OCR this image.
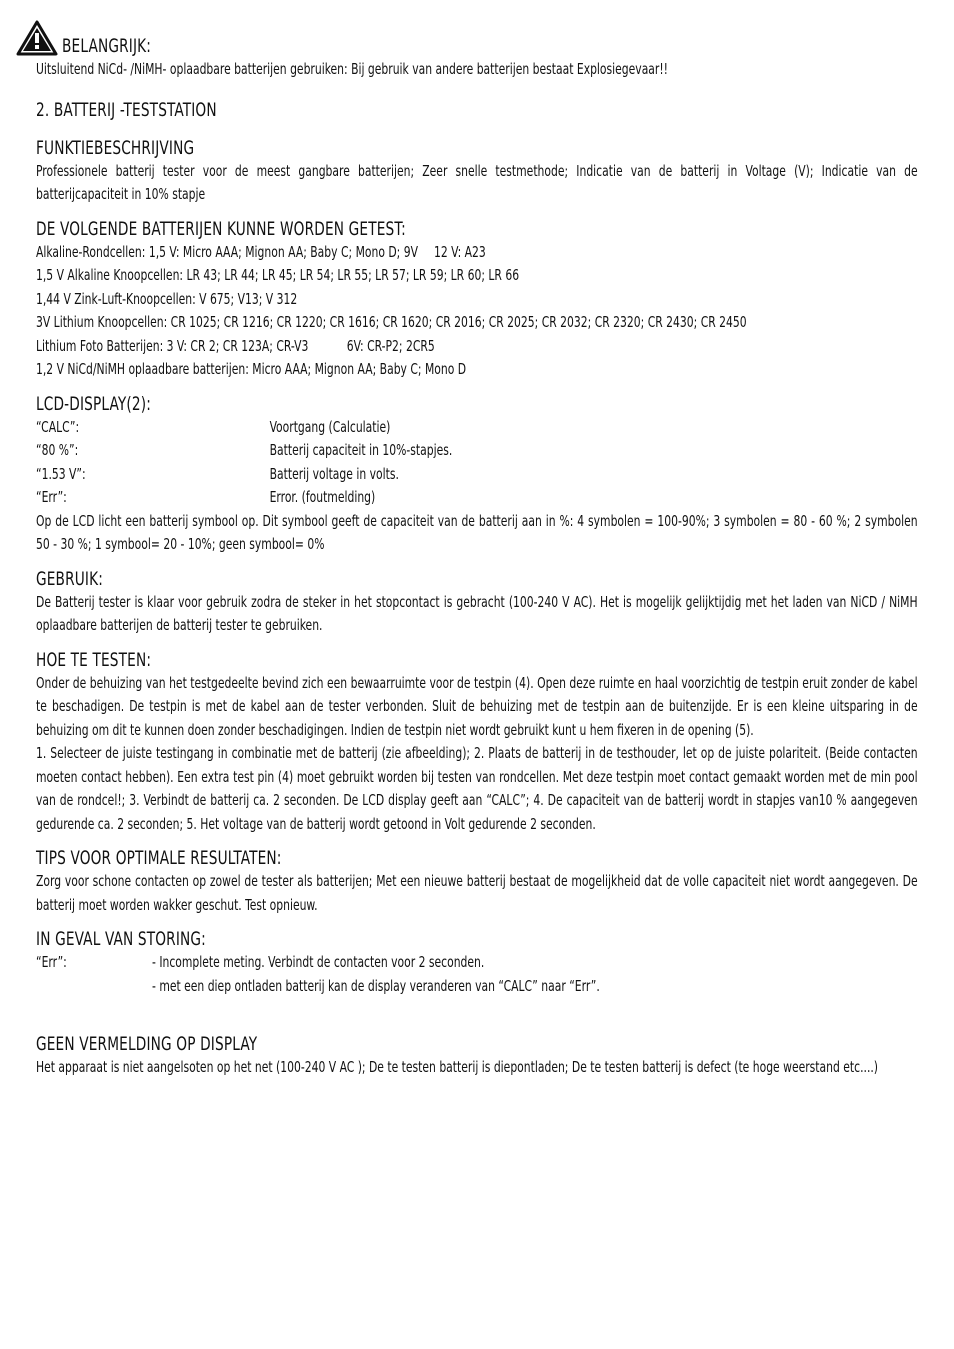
BELANGRIJK:
Uitsluitend NiCd- /NiMH- oplaadbare batterijen gebruiken: Bij gebruik van andere batterijen bestaat Explosiegevaar!!
2. BATTERIJ -TESTSTATION
FUNKTIEBESCHRIJVING
Professionele batterij tester voor de meest gangbare batterijen; Zeer snelle testmethode; Indicatie van de batterij in Voltage (V); Indicatie van de batterijcapaciteit in 10% stapje
DE VOLGENDE BATTERIJEN KUNNE WORDEN GETEST:
Alkaline-Rondcellen: 1,5 V: Micro AAA; Mignon AA; Baby C; Mono D; 9V 12 V: A23
1,5 V Alkaline Knoopcellen: LR 43; LR 44; LR 45; LR 54; LR 55; LR 57; LR 59; LR 60; LR 66
1,44 V Zink-Luft-Knoopcellen: V 675; V13; V 312
3V Lithium Knoopcellen: CR 1025; CR 1216; CR 1220; CR 1616; CR 1620; CR 2016; CR 2025; CR 2032; CR 2320; CR 2430; CR 2450
Lithium Foto Batterijen: 3 V: CR 2; CR 123A; CR-V3	6V: CR-P2; 2CR5
1,2 V NiCd/NiMH oplaadbare batterijen: Micro AAA; Mignon AA; Baby C; Mono D
LCD-DISPLAY(2):
“CALC”:	Voortgang (Calculatie)
“80 %”:	Batterij capaciteit in 10%-stapjes.
“1.53 V”:	Batterij voltage in volts.
“Err”:	Error. (foutmelding)
Op de LCD licht een batterij symbool op. Dit symbool geeft de capaciteit van de batterij aan in %: 4 symbolen = 100-90%; 3 symbolen = 80 - 60 %; 2 symbolen 50 - 30 %; 1 symbool= 20 - 10%; geen symbool= 0%
GEBRUIK:
De Batterij tester is klaar voor gebruik zodra de steker in het stopcontact is gebracht (100-240 V AC). Het is mogelijk gelijktijdig met het laden van NiCD / NiMH oplaadbare batterijen de batterij tester te gebruiken.
HOE TE TESTEN:
Onder de behuizing van het testgedeelte bevind zich een bewaarruimte voor de testpin (4). Open deze ruimte en haal voorzichtig de testpin eruit zonder de kabel te beschadigen. De testpin is met de kabel aan de tester verbonden. Sluit de behuizing met de testpin aan de buitenzijde. Er is een kleine uitsparing in de behuizing om dit te kunnen doen zonder beschadigingen. Indien de testpin niet wordt gebruikt kunt u hem fixeren in de opening (5).
1. Selecteer de juiste testingang in combinatie met de batterij (zie afbeelding); 2. Plaats de batterij in de testhouder, let op de juiste polariteit. (Beide contacten moeten contact hebben). Een extra test pin (4) moet gebruikt worden bij testen van rondcellen. Met deze testpin moet contact gemaakt worden met de min pool van de rondcel!; 3. Verbindt de batterij ca. 2 seconden. De LCD display geeft aan “CALC”; 4. De capaciteit van de batterij wordt in stapjes van10 % aangegeven gedurende ca. 2 seconden; 5. Het voltage van de batterij wordt getoond in Volt gedurende 2 seconden.
TIPS VOOR OPTIMALE RESULTATEN:
Zorg voor schone contacten op zowel de tester als batterijen; Met een nieuwe batterij bestaat de mogelijkheid dat de volle capaciteit niet wordt aangegeven. De batterij moet worden wakker geschut. Test opnieuw.
IN GEVAL VAN STORING:
“Err”:	- Incomplete meting. Verbindt de contacten voor 2 seconden.
- met een diep ontladen batterij kan de display veranderen van “CALC” naar “Err”.
GEEN VERMELDING OP DISPLAY
Het apparaat is niet aangelsoten op het net (100-240 V AC ); De te testen batterij is diepontladen; De te testen batterij is defect (te hoge weerstand etc....)
